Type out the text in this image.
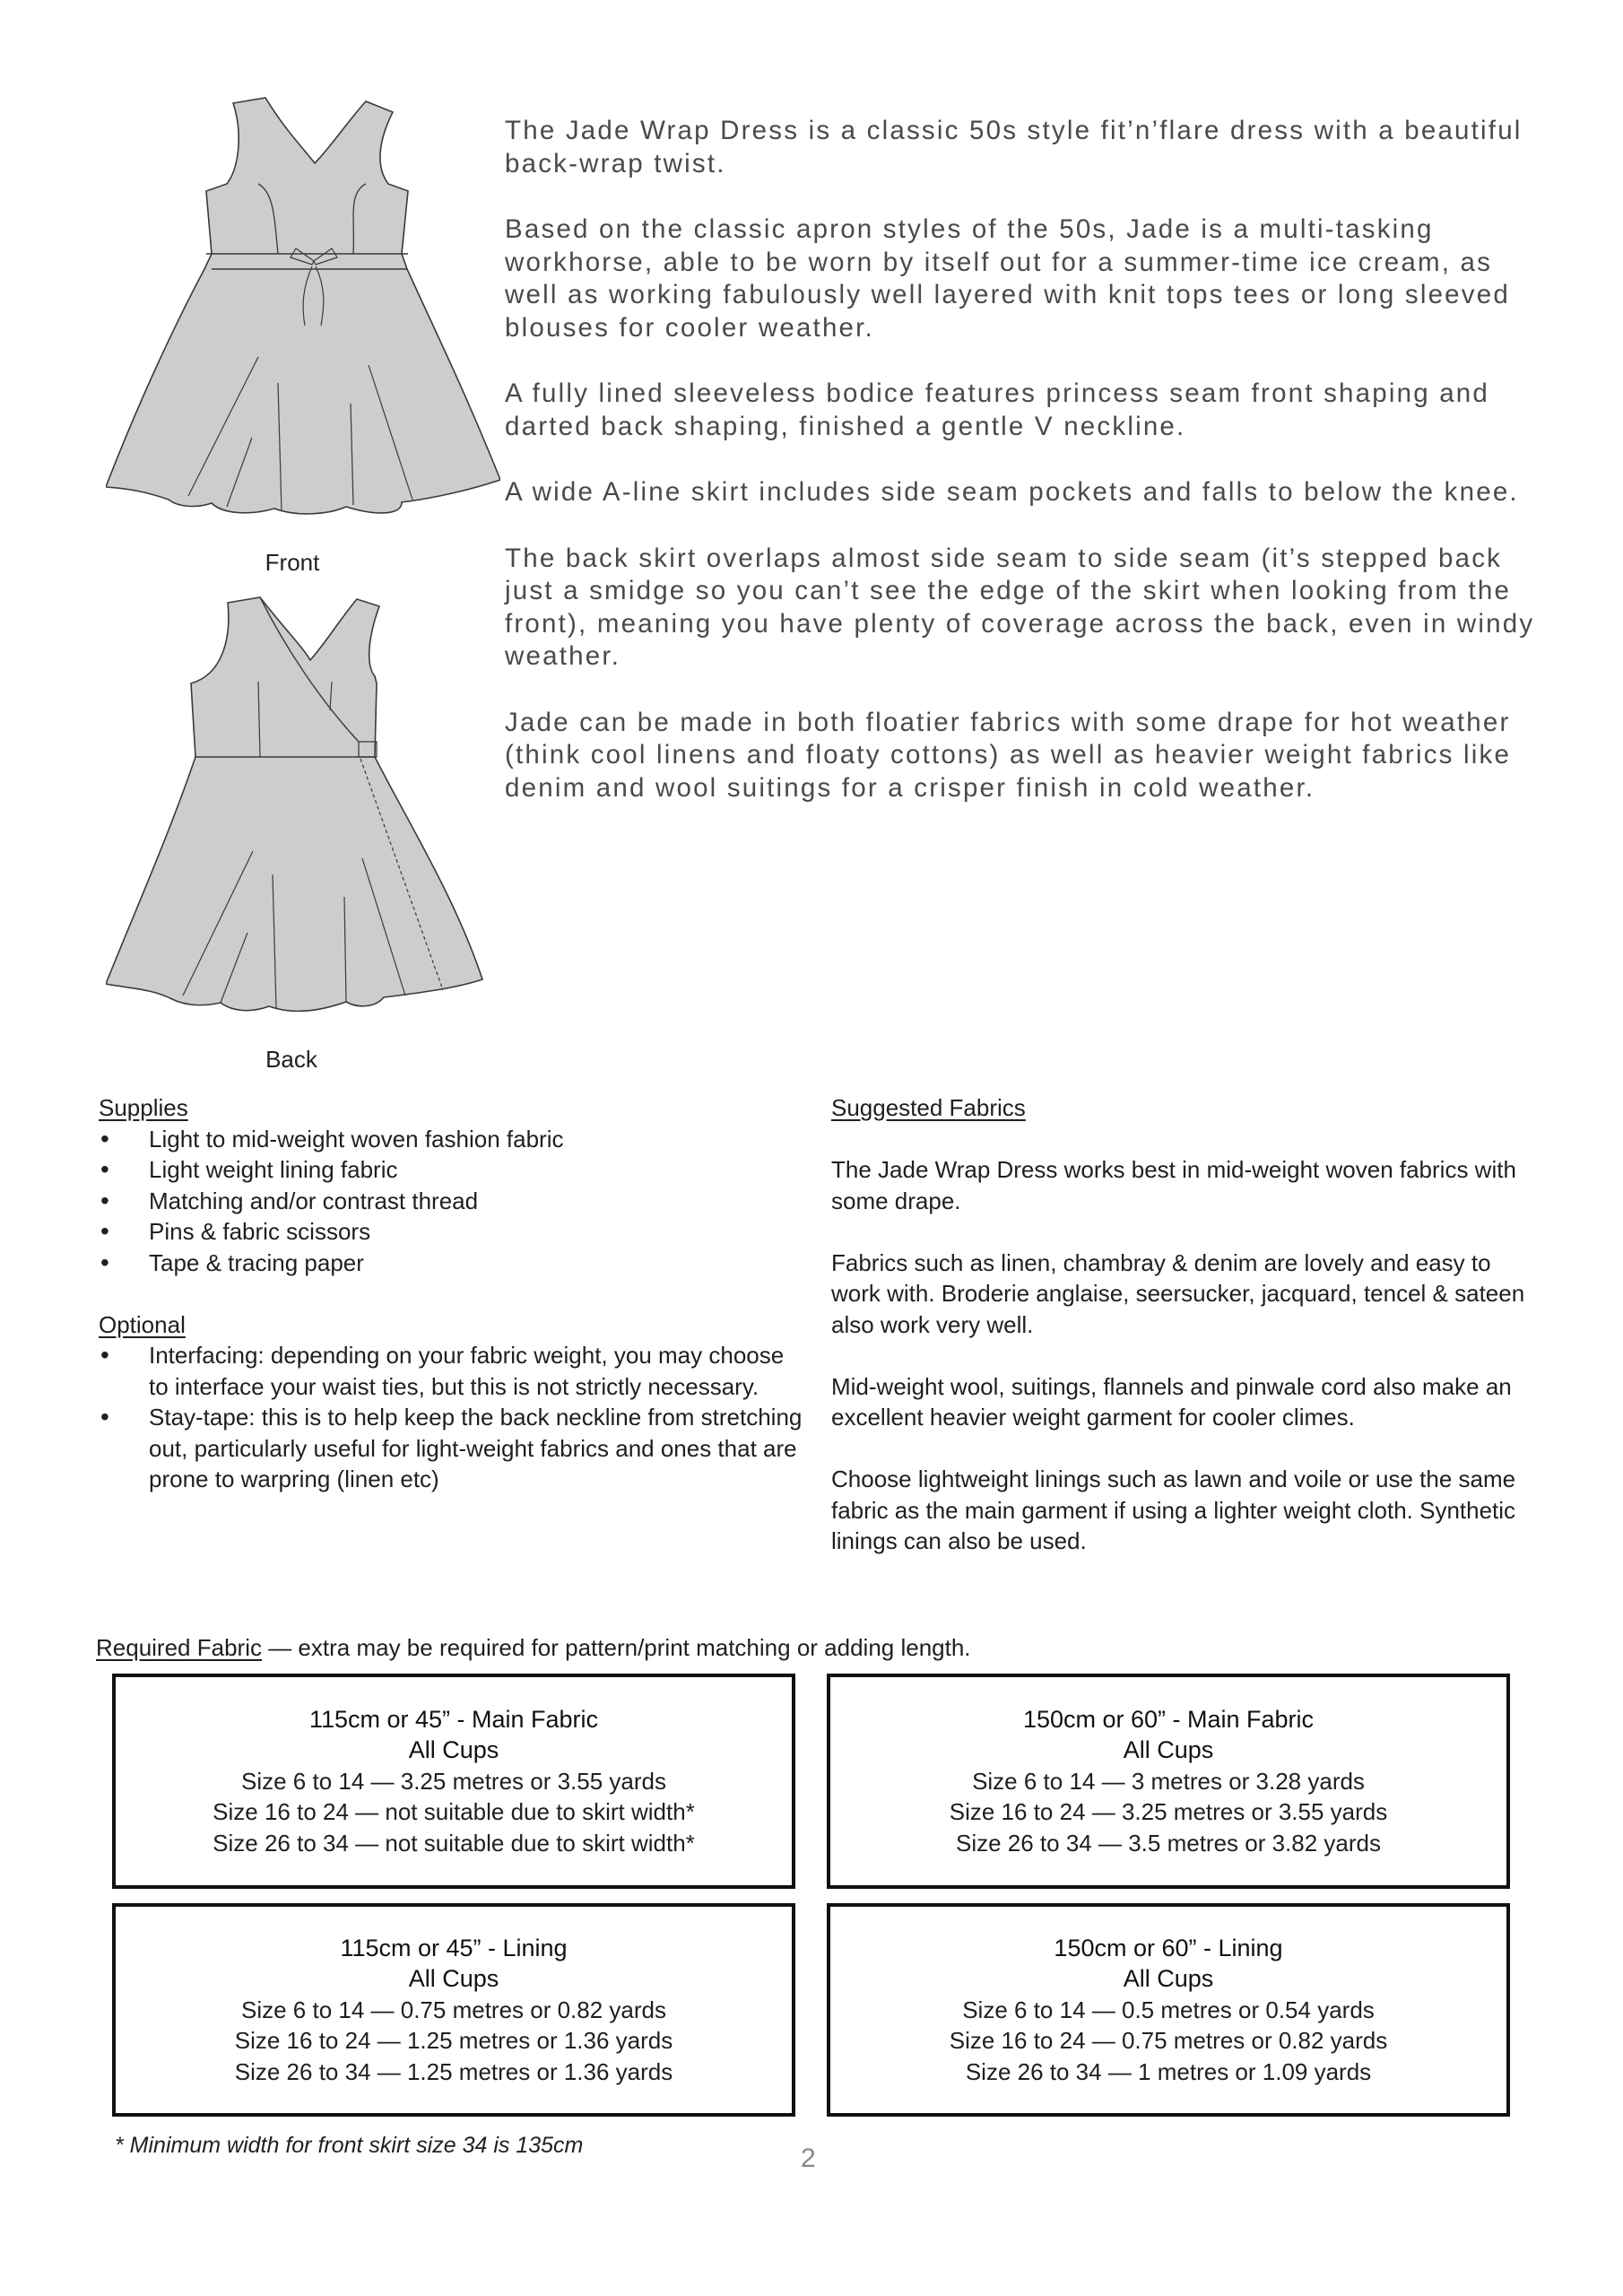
Front
Back

The Jade Wrap Dress is a classic 50s style fit’n’flare dress with a beautiful back-wrap twist.

Based on the classic apron styles of the 50s, Jade is a multi-tasking workhorse, able to be worn by itself out for a summer-time ice cream, as well as working fabulously well layered with knit tops tees or long sleeved blouses for cooler weather.

A fully lined sleeveless bodice features princess seam front shaping and darted back shaping, finished a gentle V neckline.

A wide A-line skirt includes side seam pockets and falls to below the knee.

The back skirt overlaps almost side seam to side seam (it’s stepped back just a smidge so you can’t see the edge of the skirt when looking from the front), meaning you have plenty of coverage across the back, even in windy weather.

Jade can be made in both floatier fabrics with some drape for hot weather (think cool linens and floaty cottons) as well as heavier weight fabrics like denim and wool suitings for a crisper finish in cold weather.

Supplies
• Light to mid-weight woven fashion fabric
• Light weight lining fabric
• Matching and/or contrast thread
• Pins & fabric scissors
• Tape & tracing paper
Optional
• Interfacing: depending on your fabric weight, you may choose to interface your waist ties, but this is not strictly necessary.
• Stay-tape: this is to help keep the back neckline from stretching out, particularly useful for light-weight fabrics and ones that are prone to warpring (linen etc)
Suggested Fabrics

The Jade Wrap Dress works best in mid-weight woven fabrics with some drape.

Fabrics such as linen, chambray & denim are lovely and easy to work with. Broderie anglaise, seersucker, jacquard, tencel & sateen also work very well.

Mid-weight wool, suitings, flannels and pinwale cord also make an excellent heavier weight garment for cooler climes.

Choose lightweight linings such as lawn and voile or use the same fabric as the main garment if using a lighter weight cloth. Synthetic linings can also be used.

Required Fabric — extra may be required for pattern/print matching or adding length.
115cm or 45” - Main Fabric
All Cups
Size 6 to 14 — 3.25 metres or 3.55 yards
Size 16 to 24 — not suitable due to skirt width*
Size 26 to 34 — not suitable due to skirt width*
150cm or 60” - Main Fabric
All Cups
Size 6 to 14 — 3 metres or 3.28 yards
Size 16 to 24 — 3.25 metres or 3.55 yards
Size 26 to 34 — 3.5 metres or 3.82 yards
115cm or 45” - Lining
All Cups
Size 6 to 14 — 0.75 metres or 0.82 yards
Size 16 to 24 — 1.25 metres or 1.36 yards
Size 26 to 34 — 1.25 metres or 1.36 yards
150cm or 60” - Lining
All Cups
Size 6 to 14 — 0.5 metres or 0.54 yards
Size 16 to 24 — 0.75 metres or 0.82 yards
Size 26 to 34 — 1 metres or 1.09 yards
* Minimum width for front skirt size 34 is 135cm	2
